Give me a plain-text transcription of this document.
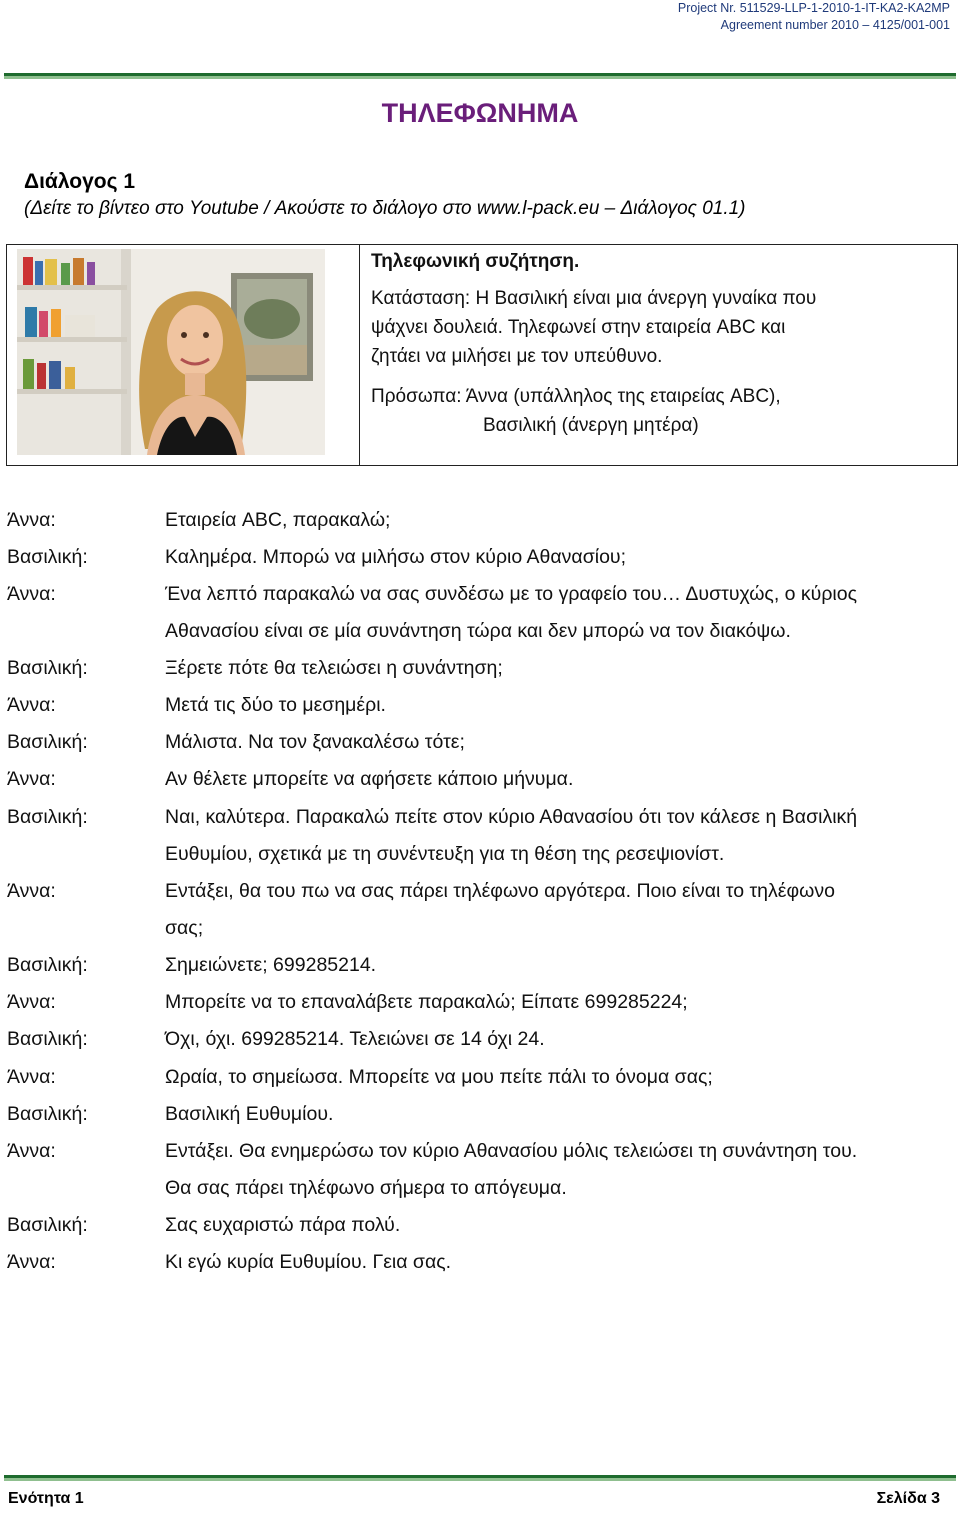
Project Nr. 511529-LLP-1-2010-1-IT-KA2-KA2MP
Agreement number 2010 – 4125/001-001
ΤΗΛΕΦΩΝΗΜΑ
Διάλογος 1
(Δείτε το βίντεο στο Youtube / Ακούστε το διάλογο στο www.l-pack.eu – Διάλογος 01.1)
Τηλεφωνική συζήτηση.
Κατάσταση: Η Βασιλική είναι μια άνεργη γυναίκα που
ψάχνει δουλειά. Τηλεφωνεί στην εταιρεία ABC και
ζητάει να μιλήσει με τον υπεύθυνο.
Πρόσωπα: Άννα (υπάλληλος της εταιρείας ABC),
Βασιλική (άνεργη μητέρα)
Άννα:	Εταιρεία ABC, παρακαλώ;
Βασιλική:	Καλημέρα. Μπορώ να μιλήσω στον κύριο Αθανασίου;
Άννα:	Ένα λεπτό παρακαλώ να σας συνδέσω με το γραφείο του… Δυστυχώς, ο κύριος
Αθανασίου είναι σε μία συνάντηση τώρα και δεν μπορώ να τον διακόψω.
Βασιλική:	Ξέρετε πότε θα τελειώσει η συνάντηση;
Άννα:	Μετά τις δύο το μεσημέρι.
Βασιλική:	Μάλιστα. Να τον ξανακαλέσω τότε;
Άννα:	Αν θέλετε μπορείτε να αφήσετε κάποιο μήνυμα.
Βασιλική:	Ναι, καλύτερα. Παρακαλώ πείτε στον κύριο Αθανασίου ότι τον κάλεσε η Βασιλική
Ευθυμίου, σχετικά με τη συνέντευξη για τη θέση της ρεσεψιονίστ.
Άννα:	Εντάξει, θα του πω να σας πάρει τηλέφωνο αργότερα. Ποιο είναι το τηλέφωνο
σας;
Βασιλική:	Σημειώνετε; 699285214.
Άννα:	Μπορείτε να το επαναλάβετε παρακαλώ; Είπατε 699285224;
Βασιλική:	Όχι, όχι. 699285214. Τελειώνει σε 14 όχι 24.
Άννα:	Ωραία, το σημείωσα. Μπορείτε να μου πείτε πάλι το όνομα σας;
Βασιλική:	Βασιλική Ευθυμίου.
Άννα:	Εντάξει. Θα ενημερώσω τον κύριο Αθανασίου μόλις τελειώσει τη συνάντηση του.
Θα σας πάρει τηλέφωνο σήμερα το απόγευμα.
Βασιλική:	Σας ευχαριστώ πάρα πολύ.
Άννα:	Κι εγώ κυρία Ευθυμίου. Γεια σας.
Ενότητα 1	Σελίδα 3
